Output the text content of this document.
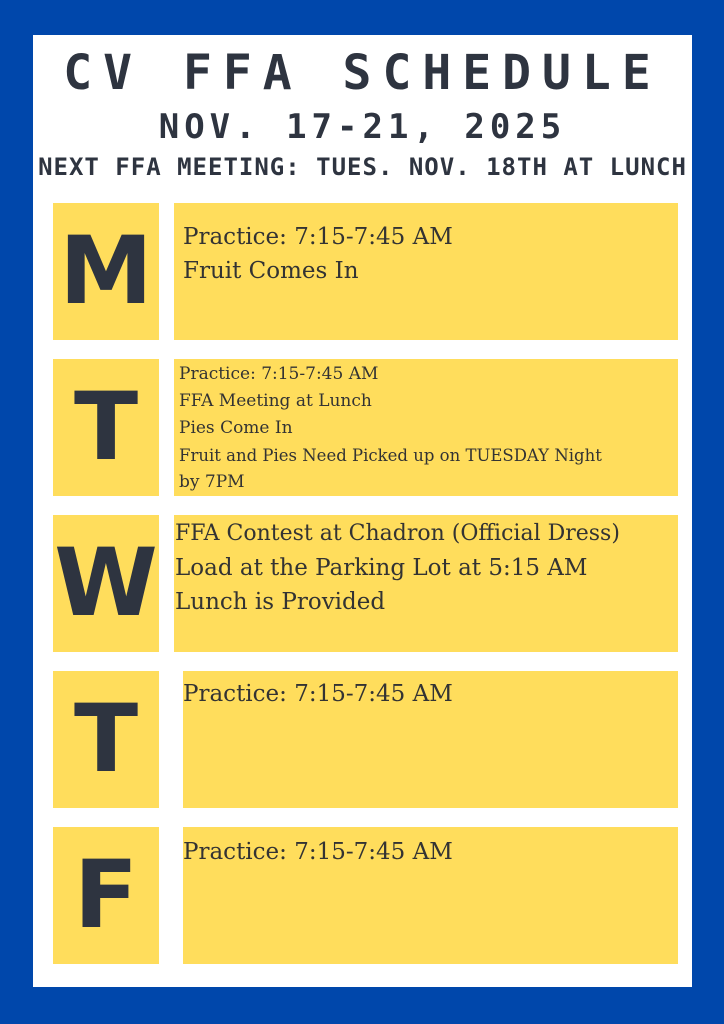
CV FFA SCHEDULE
NOV. 17-21, 2025
NEXT FFA MEETING: TUES. NOV. 18TH AT LUNCH
M Practice: 7:15-7:45 AM
Fruit Comes In
T	Practice: 7:15-7:45 AM
FFA Meeting at Lunch
Pies Come In
Fruit and Pies Need Picked up on TUESDAY Night
by 7PM
W FFA Contest at Chadron (Official Dress)
Load at the Parking Lot at 5:15 AM
Lunch is Provided
T	Practice: 7:15-7:45 AM
F	Practice: 7:15-7:45 AM
